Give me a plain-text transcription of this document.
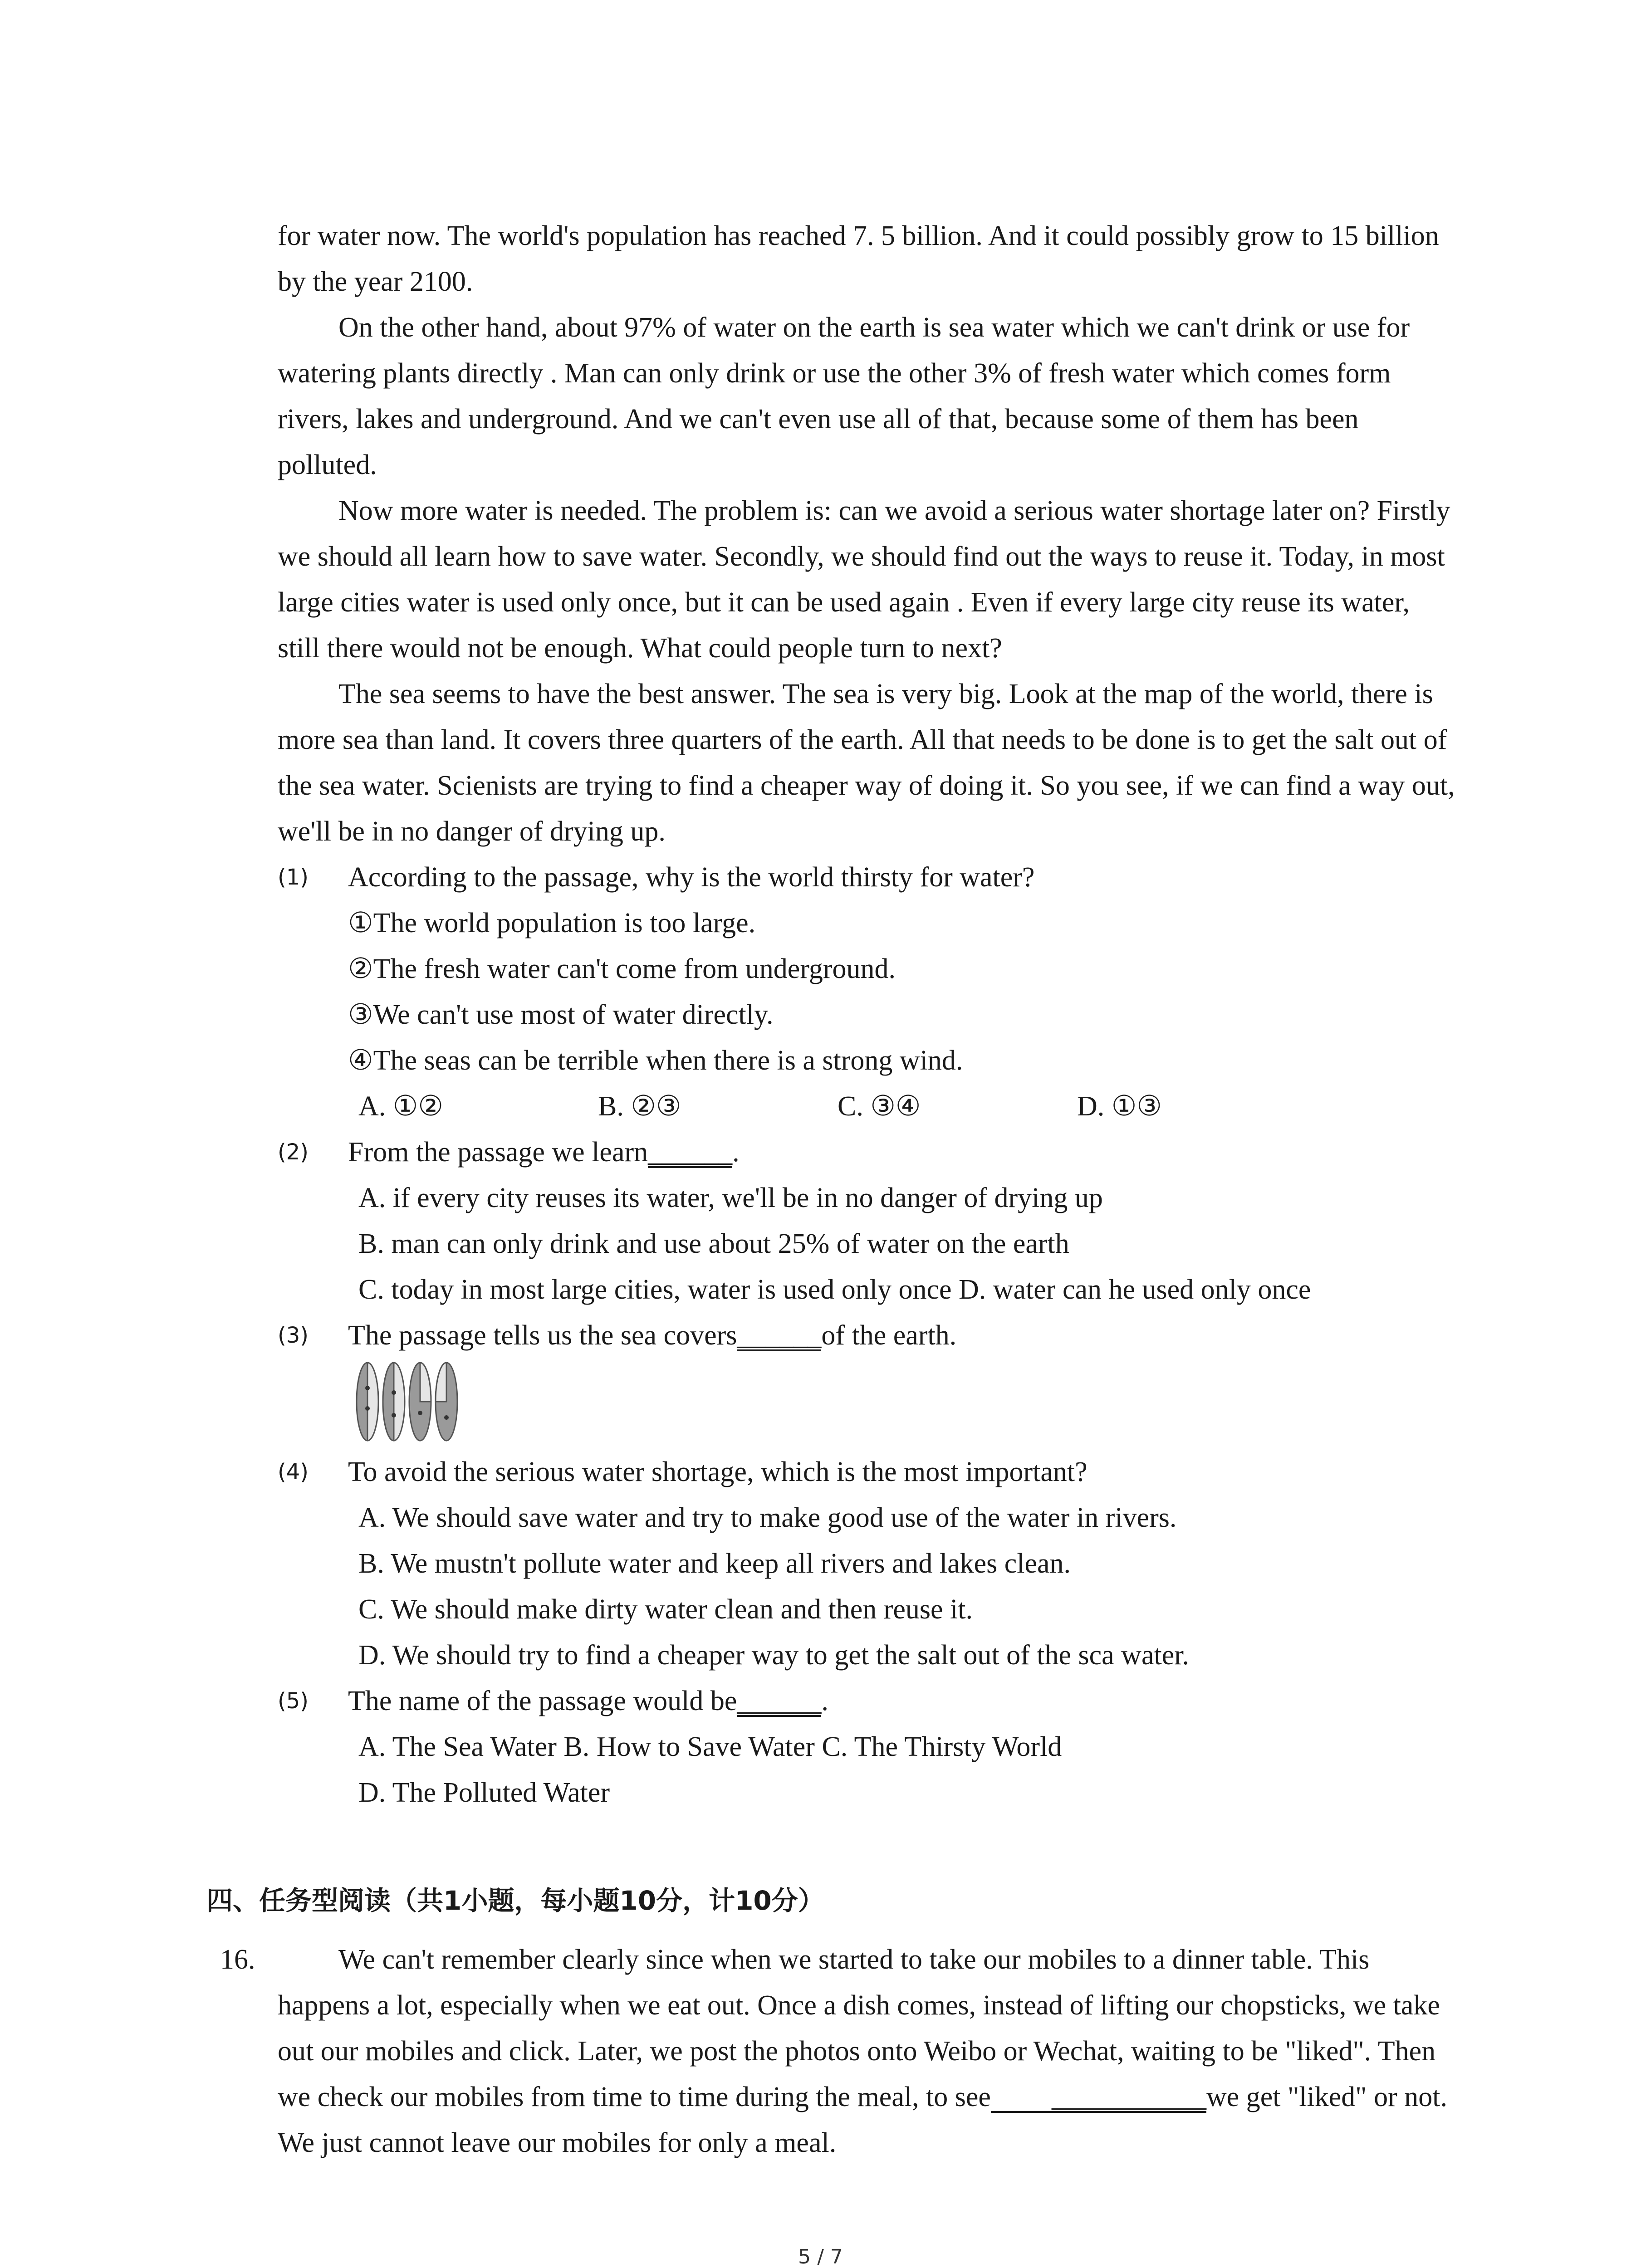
for water now. The world's population has reached 7. 5 billion. And it could possibly grow to 15 billion by the year 2100.

On the other hand, about 97% of water on the earth is sea water which we can't drink or use for watering plants directly . Man can only drink or use the other 3% of fresh water which comes form rivers, lakes and underground. And we can't even use all of that, because some of them has been polluted.

Now more water is needed. The problem is: can we avoid a serious water shortage later on? Firstly we should all learn how to save water. Secondly, we should find out the ways to reuse it. Today, in most large cities water is used only once, but it can be used again . Even if every large city reuse its water, still there would not be enough. What could people turn to next?

The sea seems to have the best answer. The sea is very big. Look at the map of the world, there is more sea than land. It covers three quarters of the earth. All that needs to be done is to get the salt out of the sea water. Scienists are trying to find a cheaper way of doing it. So you see, if we can find a way out, we'll be in no danger of drying up.

(1)	According to the passage, why is the world thirsty for water?

①The world population is too large.

②The fresh water can't come from underground.

③We can't use most of water directly.

④The seas can be terrible when there is a strong wind.

A. ①②	B. ②③	C. ③④	D. ①③
(2)	From the passage we learn______.

A. if every city reuses its water, we'll be in no danger of drying up

B. man can only drink and use about 25% of water on the earth

C. today in most large cities, water is used only once D. water can he used only once

(3)	The passage tells us the sea covers______of the earth.
(4)	To avoid the serious water shortage, which is the most important?

A. We should save water and try to make good use of the water in rivers.

B. We mustn't pollute water and keep all rivers and lakes clean.

C. We should make dirty water clean and then reuse it.

D. We should try to find a cheaper way to get the salt out of the sca water.

(5)	The name of the passage would be______.

A. The Sea Water B. How to Save Water C. The Thirsty World

D. The Polluted Water

四、任务型阅读（共1小题，每小题10分，计10分）
16.	We can't remember clearly since when we started to take our mobiles to a dinner table. This happens a lot, especially when we eat out. Once a dish comes, instead of lifting our chopsticks, we take out our mobiles and click. Later, we post the photos onto Weibo or Wechat, waiting to be "liked". Then we check our mobiles from time to time during the meal, to see ___________we get "liked" or not. We just cannot leave our mobiles for only a meal.

5 / 7
